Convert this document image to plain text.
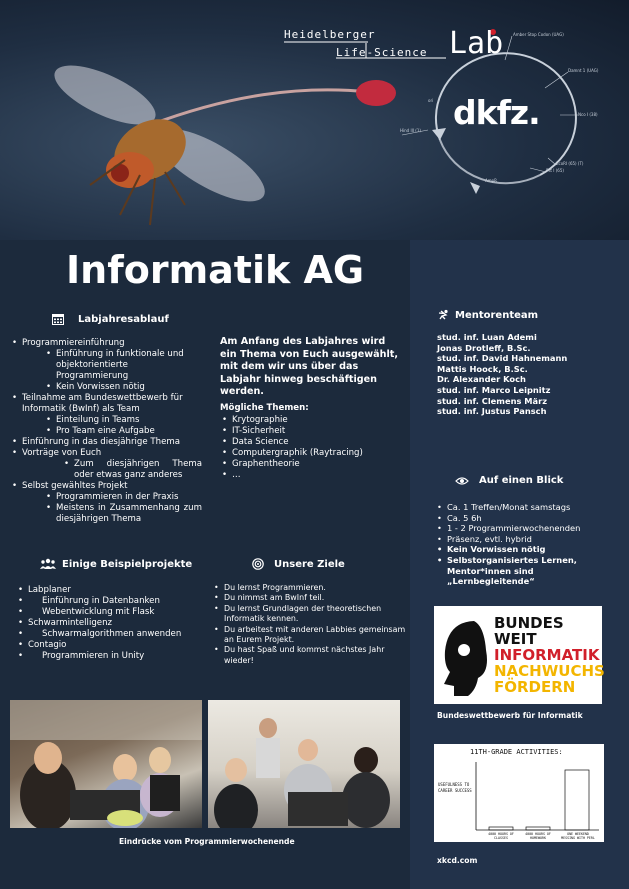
Heidelberger
Life-Science Lab
dkfz.
Amber Stop Codon (UAG)
Damnt 1 (UAG)
Nco I (38)
EcoRI (65) (T)
Hind III (1)
Pst I (65)
AmpR
ori
Informatik AG
Labjahresablauf
• Programmiereinführung
• Einführung in funktionale und objektorientierte Programmierung
• Kein Vorwissen nötig
• Teilnahme am Bundeswettbewerb für Informatik (BwInf) als Team
• Einteilung in Teams
• Pro Team eine Aufgabe
• Einführung in das diesjährige Thema
• Vorträge von Euch
• Zum diesjährigen Thema oder etwas ganz anderes
• Selbst gewähltes Projekt
• Programmieren in der Praxis
• Meistens in Zusammenhang zum diesjährigen Thema
Am Anfang des Labjahres wird ein Thema von Euch ausgewählt, mit dem wir uns über das Labjahr hinweg beschäftigen werden.
Mögliche Themen:
• Krytographie
• IT-Sicherheit
• Data Science
• Computergraphik (Raytracing)
• Graphentheorie
• …
Mentorenteam
stud. inf. Luan Ademi
Jonas Drotleff, B.Sc.
stud. inf. David Hahnemann
Mattis Hoock, B.Sc.
Dr. Alexander Koch
stud. inf. Marco Leipnitz
stud. inf. Clemens März
stud. inf. Justus Pansch
Auf einen Blick
• Ca. 1 Treffen/Monat samstags
• Ca. 5 6h
• 1 - 2 Programmierwochenenden
• Präsenz, evtl. hybrid
• Kein Vorwissen nötig
• Selbstorganisiertes Lernen, Mentor*innen sind „Lernbegleitende“
Einige Beispielprojekte
• Labplaner
• Einführung in Datenbanken
• Webentwicklung mit Flask
• Schwarmintelligenz
• Schwarmalgorithmen anwenden
• Contagio
• Programmieren in Unity
Unsere Ziele
• Du lernst Programmieren.
• Du nimmst am BwInf teil.
• Du lernst Grundlagen der theoretischen Informatik kennen.
• Du arbeitest mit anderen Labbies gemeinsam an Eurem Projekt.
• Du hast Spaß und kommst nächstes Jahr wieder!
Eindrücke vom Programmierwochenende
BUNDES
WEIT
INFORMATIK
NACHWUCHS
FÖRDERN
Bundeswettbewerb für Informatik
11TH-GRADE ACTIVITIES:
USEFULNESS TO CAREER SUCCESS
4000 HOURS OF CLASSES
4000 HOURS OF HOMEWORK
ONE WEEKEND MESSING WITH PERL
xkcd.com
